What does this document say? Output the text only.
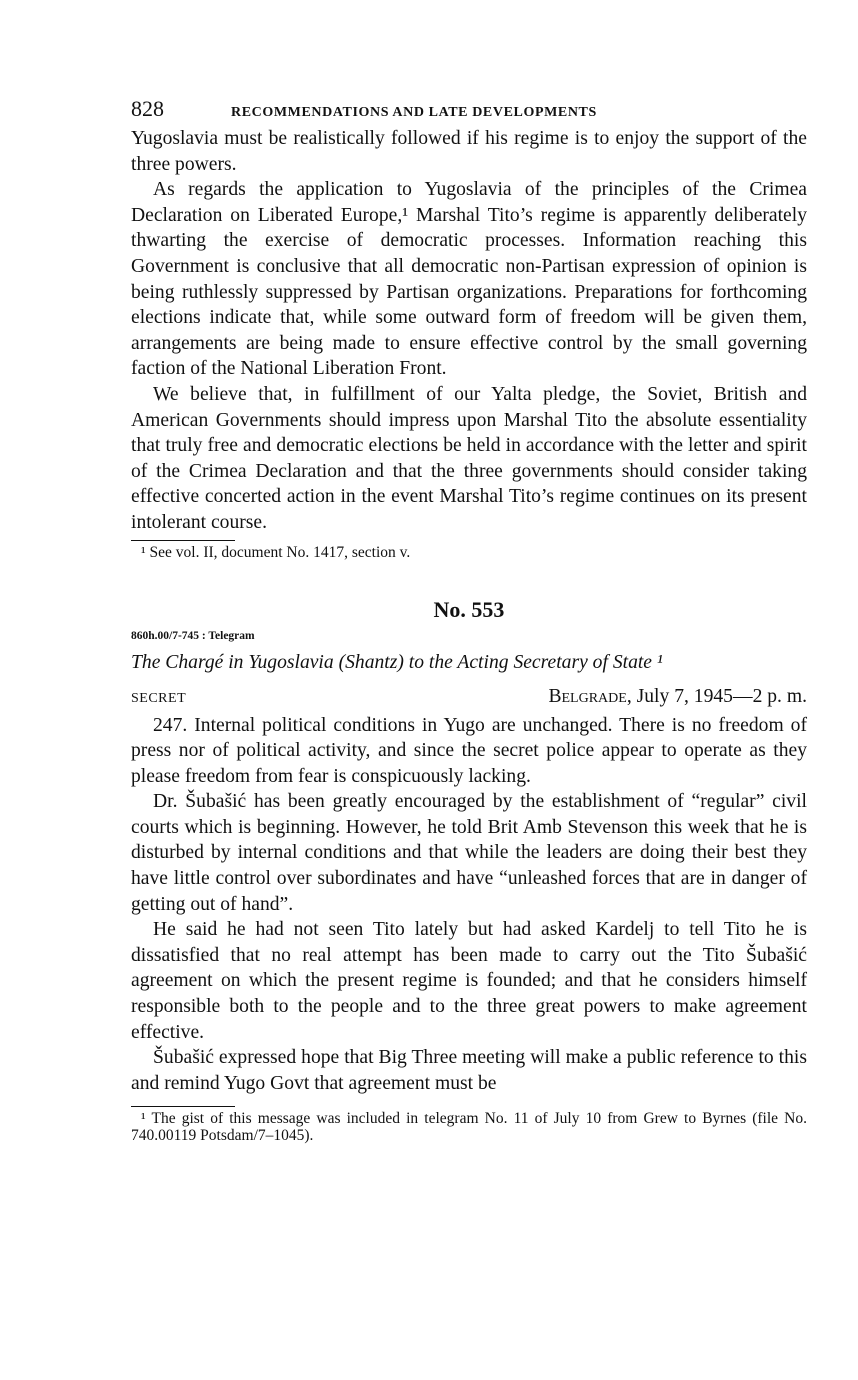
828	RECOMMENDATIONS AND LATE DEVELOPMENTS

Yugoslavia must be realistically followed if his regime is to enjoy the support of the three powers.

As regards the application to Yugoslavia of the principles of the Crimea Declaration on Liberated Europe,¹ Marshal Tito’s regime is apparently deliberately thwarting the exercise of democratic processes. Information reaching this Government is conclusive that all democratic non-Partisan expression of opinion is being ruthlessly suppressed by Partisan organizations. Preparations for forthcoming elections indicate that, while some outward form of freedom will be given them, arrangements are being made to ensure effective control by the small governing faction of the National Liberation Front.

We believe that, in fulfillment of our Yalta pledge, the Soviet, British and American Governments should impress upon Marshal Tito the absolute essentiality that truly free and democratic elections be held in accordance with the letter and spirit of the Crimea Declaration and that the three governments should consider taking effective concerted action in the event Marshal Tito’s regime continues on its present intolerant course.

¹ See vol. II, document No. 1417, section v.

No. 553
860h.00/7-745 : Telegram
The Chargé in Yugoslavia (Shantz) to the Acting Secretary of State ¹
SECRET	Belgrade, July 7, 1945—2 p. m.

247. Internal political conditions in Yugo are unchanged. There is no freedom of press nor of political activity, and since the secret police appear to operate as they please freedom from fear is conspicuously lacking.

Dr. Šubašić has been greatly encouraged by the establishment of “regular” civil courts which is beginning. However, he told Brit Amb Stevenson this week that he is disturbed by internal conditions and that while the leaders are doing their best they have little control over subordinates and have “unleashed forces that are in danger of getting out of hand”.

He said he had not seen Tito lately but had asked Kardelj to tell Tito he is dissatisfied that no real attempt has been made to carry out the Tito Šubašić agreement on which the present regime is founded; and that he considers himself responsible both to the people and to the three great powers to make agreement effective.

Šubašić expressed hope that Big Three meeting will make a public reference to this and remind Yugo Govt that agreement must be

¹ The gist of this message was included in telegram No. 11 of July 10 from Grew to Byrnes (file No. 740.00119 Potsdam/7–1045).
